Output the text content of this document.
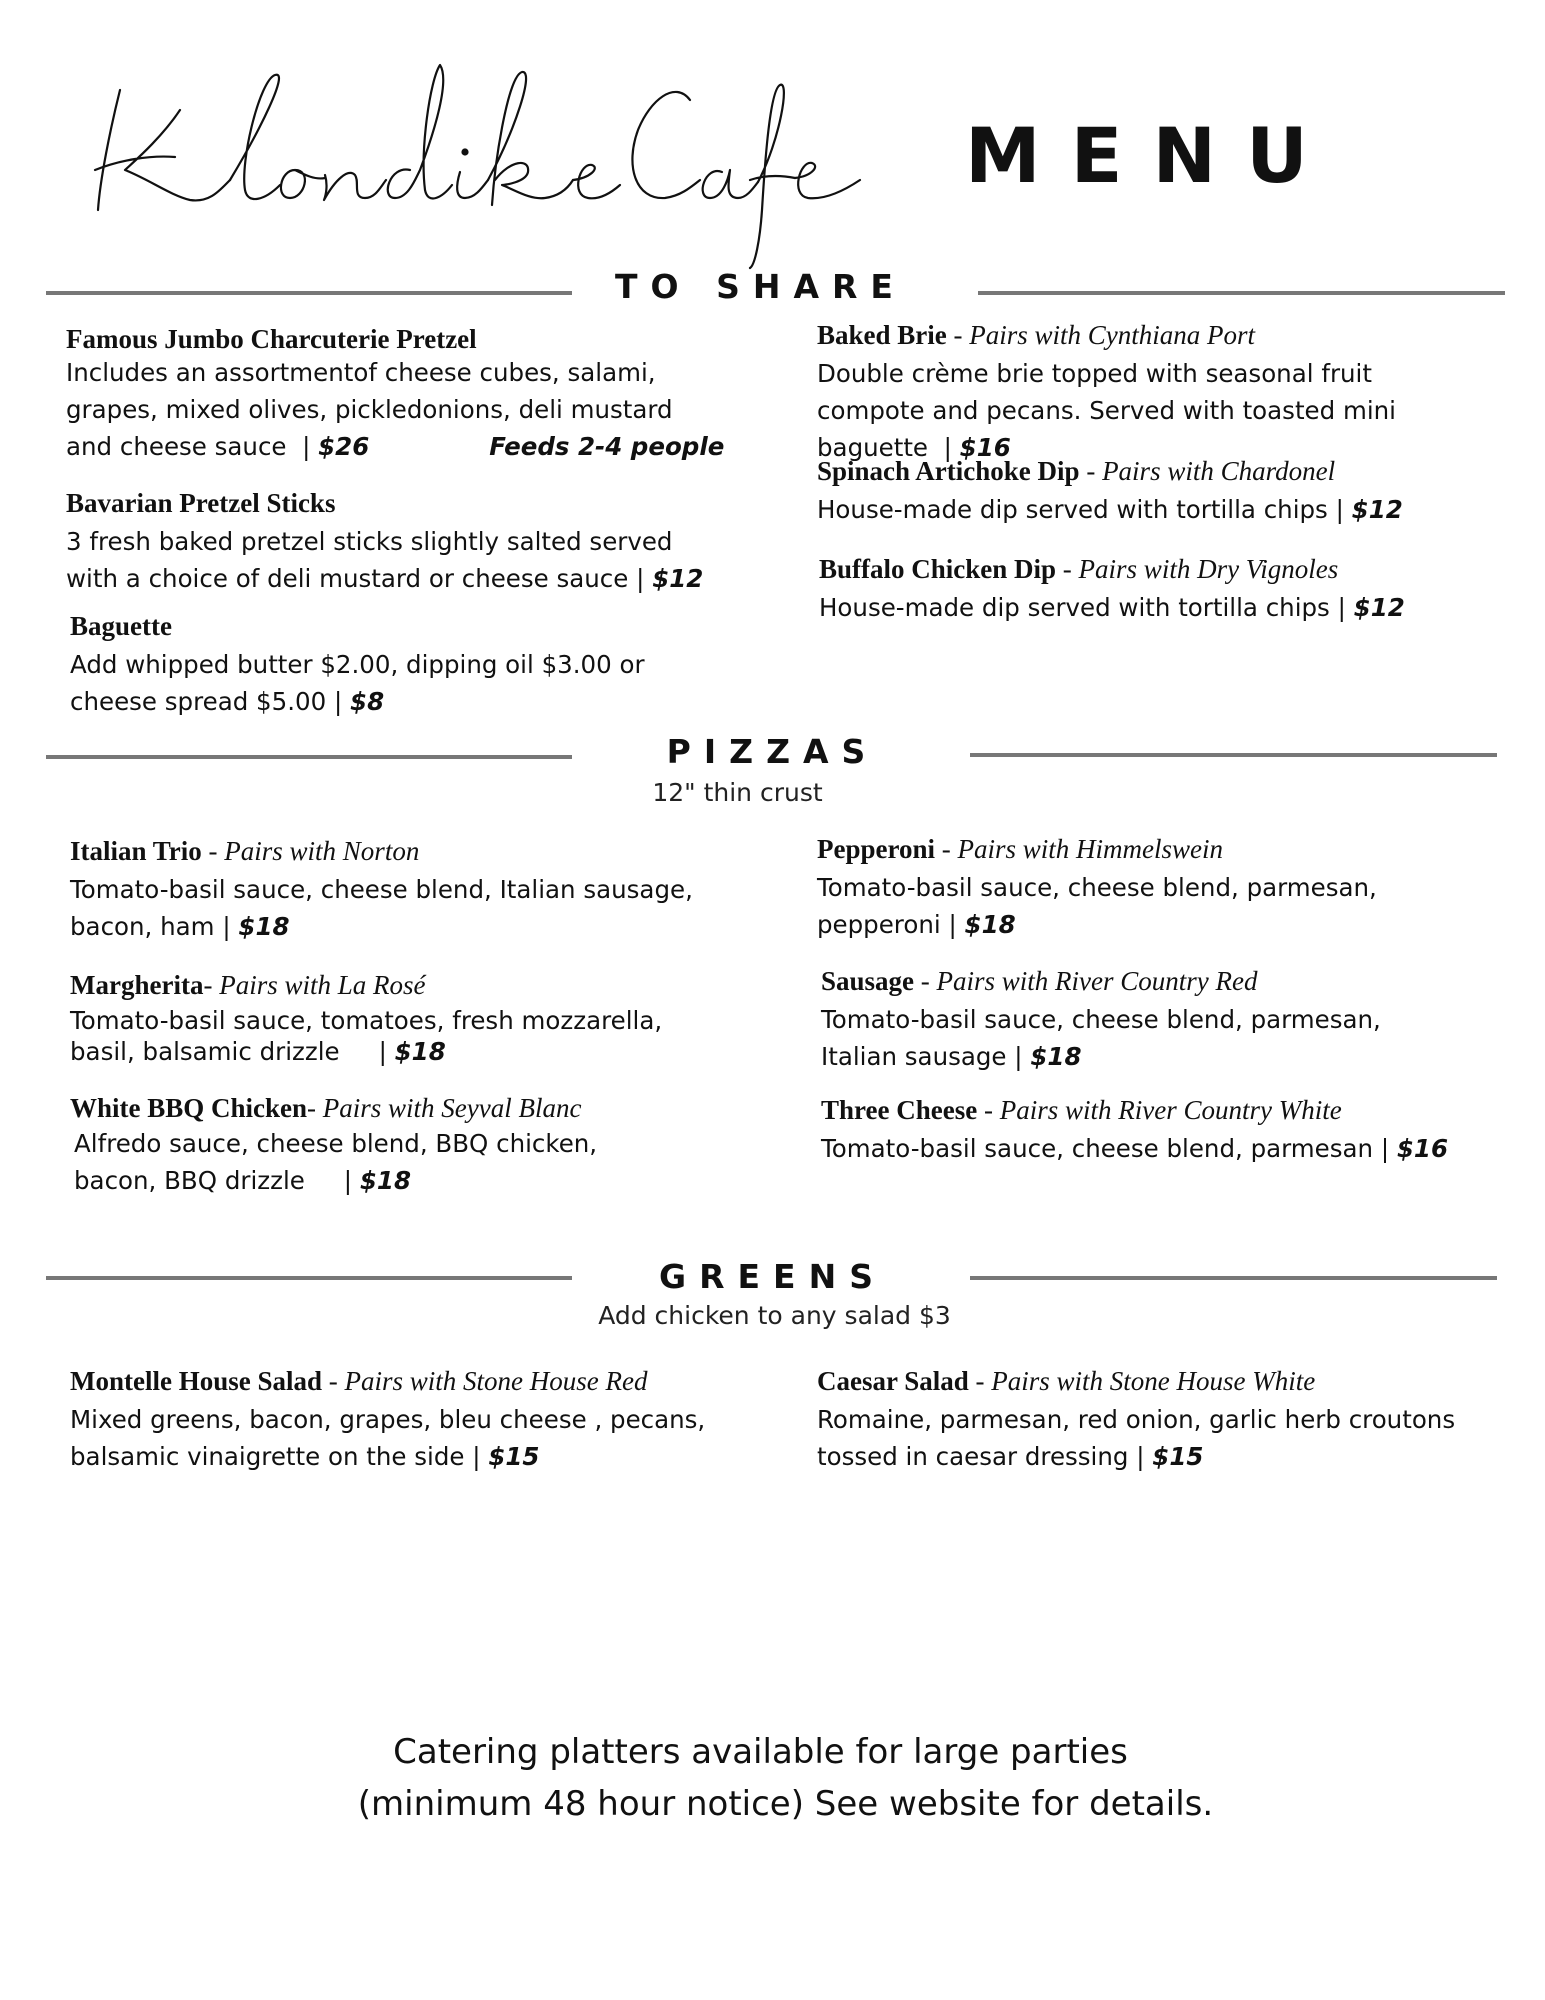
MENU
TO SHARE
Famous Jumbo Charcuterie Pretzel
Includes an assortmentof cheese cubes, salami, grapes, mixed olives, pickledonions, deli mustard and cheese sauce  | $26	Feeds 2-4 people
Bavarian Pretzel Sticks
3 fresh baked pretzel sticks slightly salted served with a choice of deli mustard or cheese sauce | $12
Baguette
Add whipped butter $2.00, dipping oil $3.00 or cheese spread $5.00 | $8
Baked Brie - Pairs with Cynthiana Port
Double crème brie topped with seasonal fruit compote and pecans. Served with toasted mini baguette  | $16
Spinach Artichoke Dip - Pairs with Chardonel
House-made dip served with tortilla chips | $12
Buffalo Chicken Dip - Pairs with Dry Vignoles
House-made dip served with tortilla chips | $12
PIZZAS
12" thin crust
Italian Trio - Pairs with Norton
Tomato-basil sauce, cheese blend, Italian sausage, bacon, ham | $18
Margherita- Pairs with La Rosé
Tomato-basil sauce, tomatoes, fresh mozzarella, basil, balsamic drizzle     | $18
White BBQ Chicken- Pairs with Seyval Blanc
Alfredo sauce, cheese blend, BBQ chicken, bacon, BBQ drizzle     | $18
Pepperoni - Pairs with Himmelswein
Tomato-basil sauce, cheese blend, parmesan, pepperoni | $18
Sausage - Pairs with River Country Red
Tomato-basil sauce, cheese blend, parmesan, Italian sausage | $18
Three Cheese - Pairs with River Country White
Tomato-basil sauce, cheese blend, parmesan | $16
GREENS
Add chicken to any salad $3
Montelle House Salad - Pairs with Stone House Red
Mixed greens, bacon, grapes, bleu cheese , pecans, balsamic vinaigrette on the side | $15
Caesar Salad - Pairs with Stone House White
Romaine, parmesan, red onion, garlic herb croutons tossed in caesar dressing | $15
Catering platters available for large parties
(minimum 48 hour notice) See website for details.
